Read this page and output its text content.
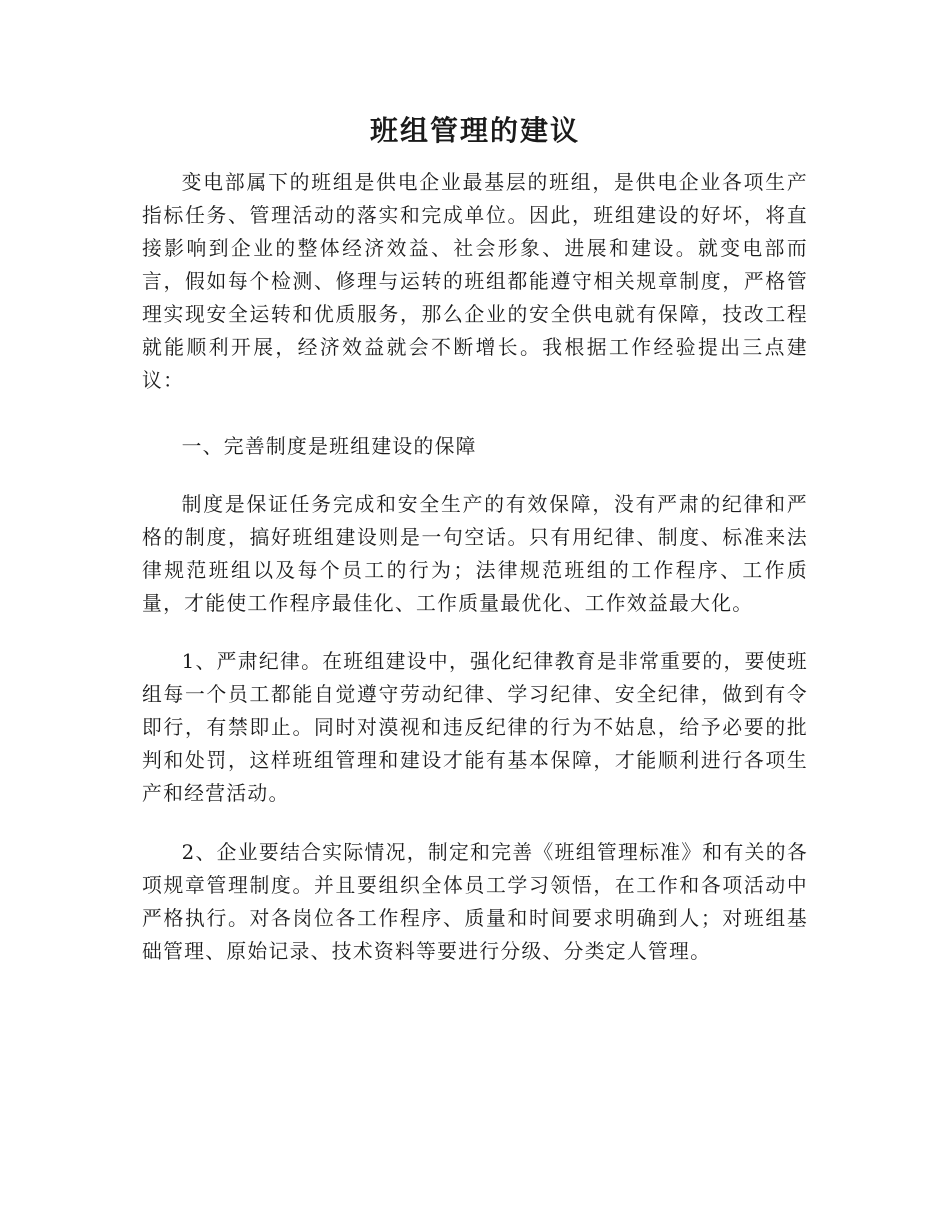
班组管理的建议

变电部属下的班组是供电企业最基层的班组，是供电企业各项生产指标任务、管理活动的落实和完成单位。因此，班组建设的好坏，将直接影响到企业的整体经济效益、社会形象、进展和建设。就变电部而言，假如每个检测、修理与运转的班组都能遵守相关规章制度，严格管理实现安全运转和优质服务，那么企业的安全供电就有保障，技改工程就能顺利开展，经济效益就会不断增长。我根据工作经验提出三点建议：

一、完善制度是班组建设的保障

制度是保证任务完成和安全生产的有效保障，没有严肃的纪律和严格的制度，搞好班组建设则是一句空话。只有用纪律、制度、标准来法律规范班组以及每个员工的行为；法律规范班组的工作程序、工作质量，才能使工作程序最佳化、工作质量最优化、工作效益最大化。

1、严肃纪律。在班组建设中，强化纪律教育是非常重要的，要使班组每一个员工都能自觉遵守劳动纪律、学习纪律、安全纪律，做到有令即行，有禁即止。同时对漠视和违反纪律的行为不姑息，给予必要的批判和处罚，这样班组管理和建设才能有基本保障，才能顺利进行各项生产和经营活动。

2、企业要结合实际情况，制定和完善《班组管理标准》和有关的各项规章管理制度。并且要组织全体员工学习领悟，在工作和各项活动中严格执行。对各岗位各工作程序、质量和时间要求明确到人；对班组基础管理、原始记录、技术资料等要进行分级、分类定人管理。
